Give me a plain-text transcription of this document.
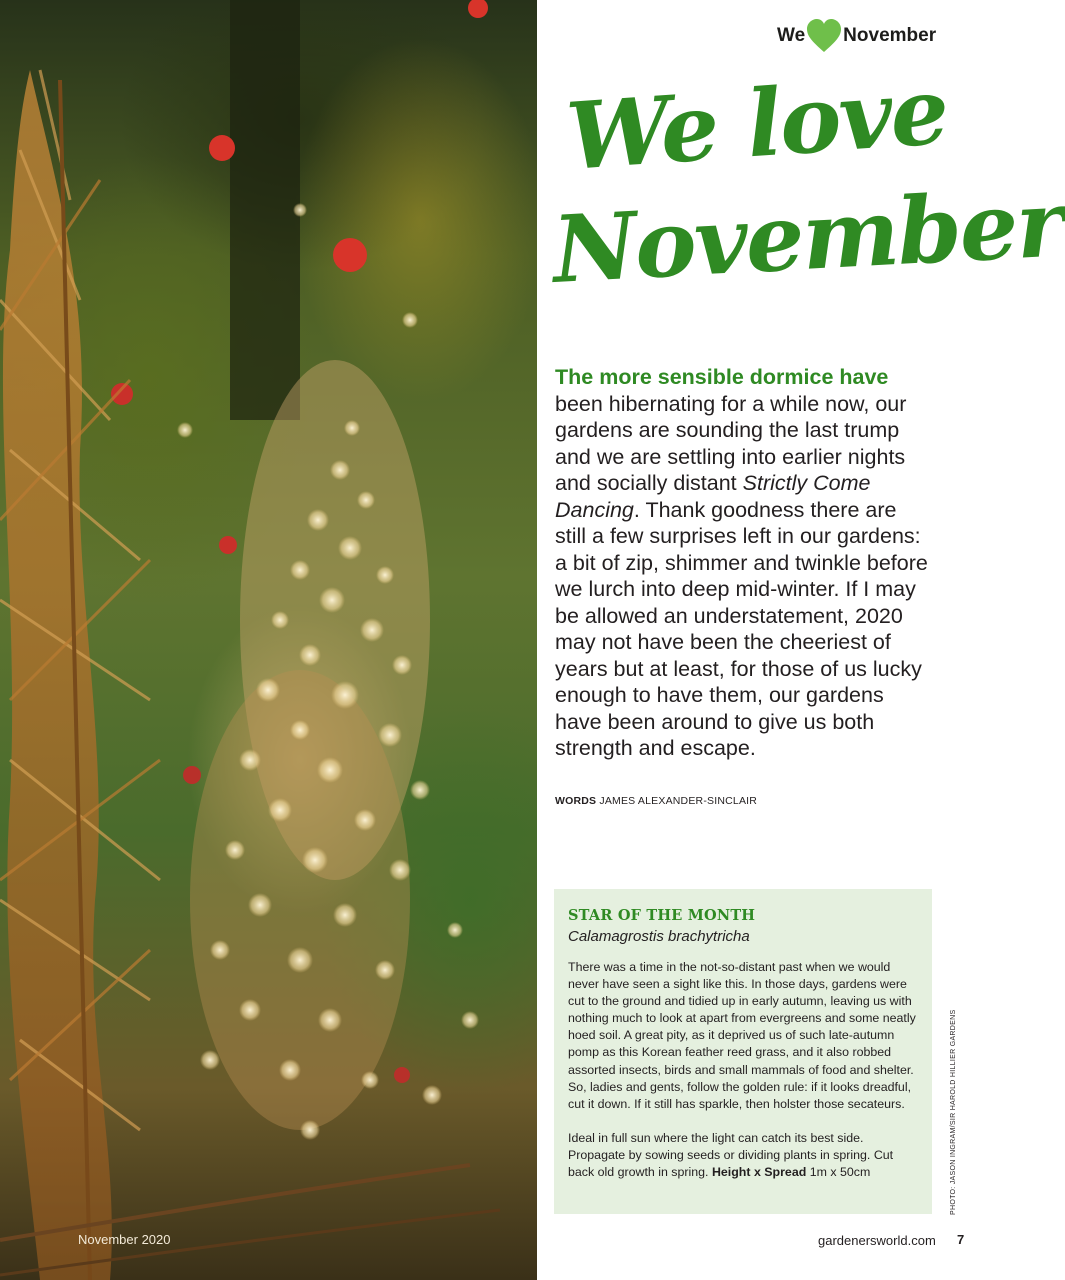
November 2020
We November
We love
November

The more sensible dormice have been hibernating for a while now, our gardens are sounding the last trump and we are settling into earlier nights and socially distant Strictly Come Dancing. Thank goodness there are still a few surprises left in our gardens: a bit of zip, shimmer and twinkle before we lurch into deep mid-winter. If I may be allowed an understatement, 2020 may not have been the cheeriest of years but at least, for those of us lucky enough to have them, our gardens have been around to give us both strength and escape.

WORDS JAMES ALEXANDER-SINCLAIR
STAR OF THE MONTH
Calamagrostis brachytricha

There was a time in the not-so-distant past when we would never have seen a sight like this. In those days, gardens were cut to the ground and tidied up in early autumn, leaving us with nothing much to look at apart from evergreens and some neatly hoed soil. A great pity, as it deprived us of such late-autumn pomp as this Korean feather reed grass, and it also robbed assorted insects, birds and small mammals of food and shelter. So, ladies and gents, follow the golden rule: if it looks dreadful, cut it down. If it still has sparkle, then holster those secateurs.

Ideal in full sun where the light can catch its best side. Propagate by sowing seeds or dividing plants in spring. Cut back old growth in spring. Height x Spread 1m x 50cm	PHOTO: JASON INGRAM/SIR HAROLD HILLIER GARDENS
gardenersworld.com 7
